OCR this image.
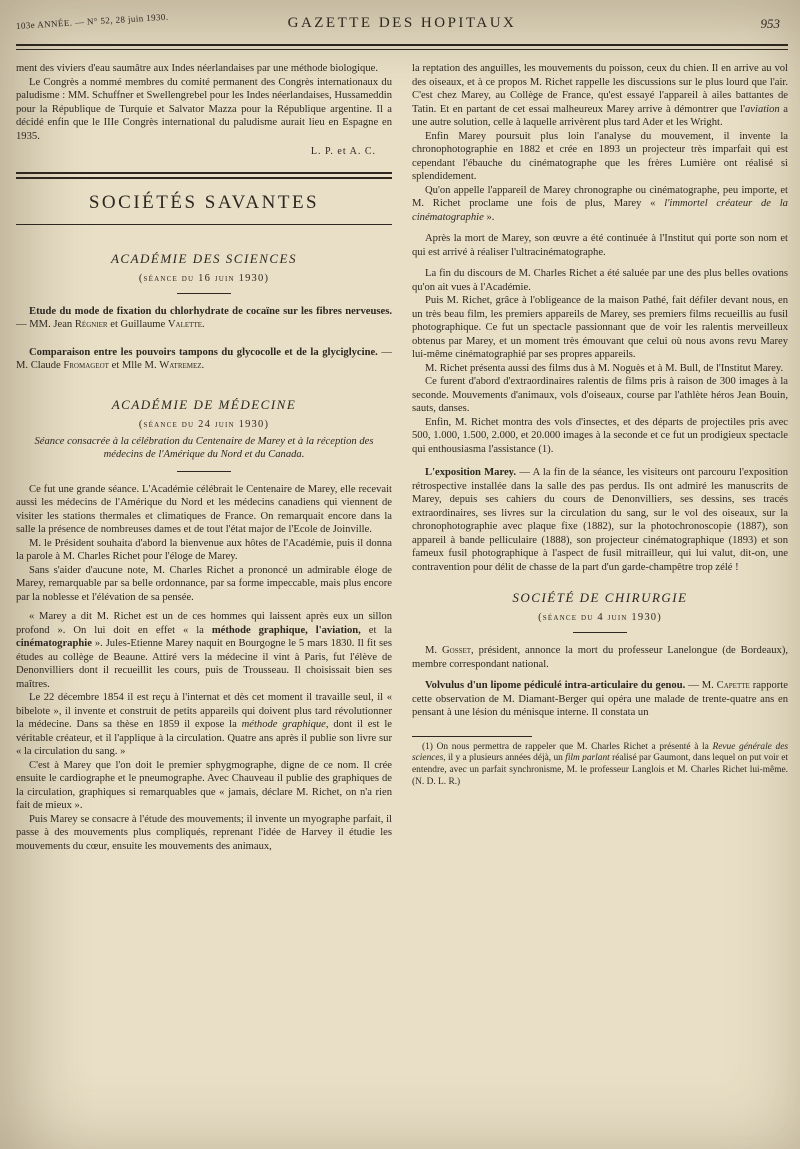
103e ANNÉE. — N° 52, 28 juin 1930.	GAZETTE DES HOPITAUX	953

ment des viviers d'eau saumâtre aux Indes néerlandaises par une méthode biologique.

Le Congrès a nommé membres du comité permanent des Congrès internationaux du paludisme : MM. Schuffner et Swellengrebel pour les Indes néerlandaises, Hussameddin pour la République de Turquie et Salvator Mazza pour la République argentine. Il a décidé enfin que le IIIe Congrès international du paludisme aurait lieu en Espagne en 1935.

L. P. et A. C.

SOCIÉTÉS SAVANTES
ACADÉMIE DES SCIENCES
(séance du 16 juin 1930)

Etude du mode de fixation du chlorhydrate de cocaïne sur les fibres nerveuses. — MM. Jean Régnier et Guillaume Valette.

Comparaison entre les pouvoirs tampons du glycocolle et de la glyciglycine. — M. Claude Fromageot et Mlle M. Watremez.

ACADÉMIE DE MÉDECINE
(séance du 24 juin 1930)

Séance consacrée à la célébration du Centenaire de Marey et à la réception des médecins de l'Amérique du Nord et du Canada.

Ce fut une grande séance. L'Académie célébrait le Centenaire de Marey, elle recevait aussi les médecins de l'Amérique du Nord et les médecins canadiens qui viennent de visiter les stations thermales et climatiques de France. On remarquait encore dans la salle la présence de nombreuses dames et de tout l'état major de l'Ecole de Joinville.

M. le Président souhaita d'abord la bienvenue aux hôtes de l'Académie, puis il donna la parole à M. Charles Richet pour l'éloge de Marey.

Sans s'aider d'aucune note, M. Charles Richet a prononcé un admirable éloge de Marey, remarquable par sa belle ordonnance, par sa forme impeccable, mais plus encore par la noblesse et l'élévation de sa pensée.

« Marey a dit M. Richet est un de ces hommes qui laissent après eux un sillon profond ». On lui doit en effet « la méthode graphique, l'aviation, et la cinématographie ». Jules-Etienne Marey naquit en Bourgogne le 5 mars 1830. Il fit ses études au collège de Beaune. Attiré vers la médecine il vint à Paris, fut l'élève de Denonvilliers dont il recueillit les cours, puis de Trousseau. Il choisissait bien ses maîtres.

Le 22 décembre 1854 il est reçu à l'internat et dès cet moment il travaille seul, il « bibelote », il invente et construit de petits appareils qui doivent plus tard révolutionner la médecine. Dans sa thèse en 1859 il expose la méthode graphique, dont il est le véritable créateur, et il l'applique à la circulation. Quatre ans après il publie son livre sur « la circulation du sang. »

C'est à Marey que l'on doit le premier sphygmographe, digne de ce nom. Il crée ensuite le cardiographe et le pneumographe. Avec Chauveau il publie des graphiques de la circulation, graphiques si remarquables que « jamais, déclare M. Richet, on n'a rien fait de mieux ».

Puis Marey se consacre à l'étude des mouvements; il invente un myographe parfait, il passe à des mouvements plus compliqués, reprenant l'idée de Harvey il étudie les mouvements du cœur, ensuite les mouvements des animaux,

la reptation des anguilles, les mouvements du poisson, ceux du chien. Il en arrive au vol des oiseaux, et à ce propos M. Richet rappelle les discussions sur le plus lourd que l'air. C'est chez Marey, au Collège de France, qu'est essayé l'appareil à ailes battantes de Tatin. Et en partant de cet essai malheureux Marey arrive à démontrer que l'aviation a une autre solution, celle à laquelle arrivèrent plus tard Ader et les Wright.

Enfin Marey poursuit plus loin l'analyse du mouvement, il invente la chronophotographie en 1882 et crée en 1893 un projecteur très imparfait qui est cependant l'ébauche du cinématographe que les frères Lumière ont réalisé si splendidement.

Qu'on appelle l'appareil de Marey chronographe ou cinématographe, peu importe, et M. Richet proclame une fois de plus, Marey « l'immortel créateur de la cinématographie ».

Après la mort de Marey, son œuvre a été continuée à l'Institut qui porte son nom et qui est arrivé à réaliser l'ultracinématographe.

La fin du discours de M. Charles Richet a été saluée par une des plus belles ovations qu'on ait vues à l'Académie.

Puis M. Richet, grâce à l'obligeance de la maison Pathé, fait défiler devant nous, en un très beau film, les premiers appareils de Marey, ses premiers films recueillis au fusil photographique. Ce fut un spectacle passionnant que de voir les ralentis merveilleux obtenus par Marey, et un moment très émouvant que celui où nous avons revu Marey lui-même cinématographié par ses propres appareils.

M. Richet présenta aussi des films dus à M. Noguès et à M. Bull, de l'Institut Marey.

Ce furent d'abord d'extraordinaires ralentis de films pris à raison de 300 images à la seconde. Mouvements d'animaux, vols d'oiseaux, course par l'athlète héros Jean Bouin, sauts, danses.

Enfin, M. Richet montra des vols d'insectes, et des départs de projectiles pris avec 500, 1.000, 1.500, 2.000, et 20.000 images à la seconde et ce fut un prodigieux spectacle qui enthousiasma l'assistance (1).

L'exposition Marey. — A la fin de la séance, les visiteurs ont parcouru l'exposition rétrospective installée dans la salle des pas perdus. Ils ont admiré les manuscrits de Marey, depuis ses cahiers du cours de Denonvilliers, ses dessins, ses tracés extraordinaires, ses livres sur la circulation du sang, sur le vol des oiseaux, sur la chronophotographie avec plaque fixe (1882), sur la photochronoscopie (1887), son appareil à bande pelliculaire (1888), son projecteur cinématographique (1893) et son fameux fusil photographique à l'aspect de fusil mitrailleur, qui lui valut, dit-on, une contravention pour délit de chasse de la part d'un garde-champêtre trop zélé !

SOCIÉTÉ DE CHIRURGIE
(séance du 4 juin 1930)

M. Gosset, président, annonce la mort du professeur Lanelongue (de Bordeaux), membre correspondant national.

Volvulus d'un lipome pédiculé intra-articulaire du genou. — M. Capette rapporte cette observation de M. Diamant-Berger qui opéra une malade de trente-quatre ans en pensant à une lésion du ménisque interne. Il constata un

(1) On nous permettra de rappeler que M. Charles Richet a présenté à la Revue générale des sciences, il y a plusieurs années déjà, un film parlant réalisé par Gaumont, dans lequel on put voir et entendre, avec un parfait synchronisme, M. le professeur Langlois et M. Charles Richet lui-même. (N. D. L. R.)
